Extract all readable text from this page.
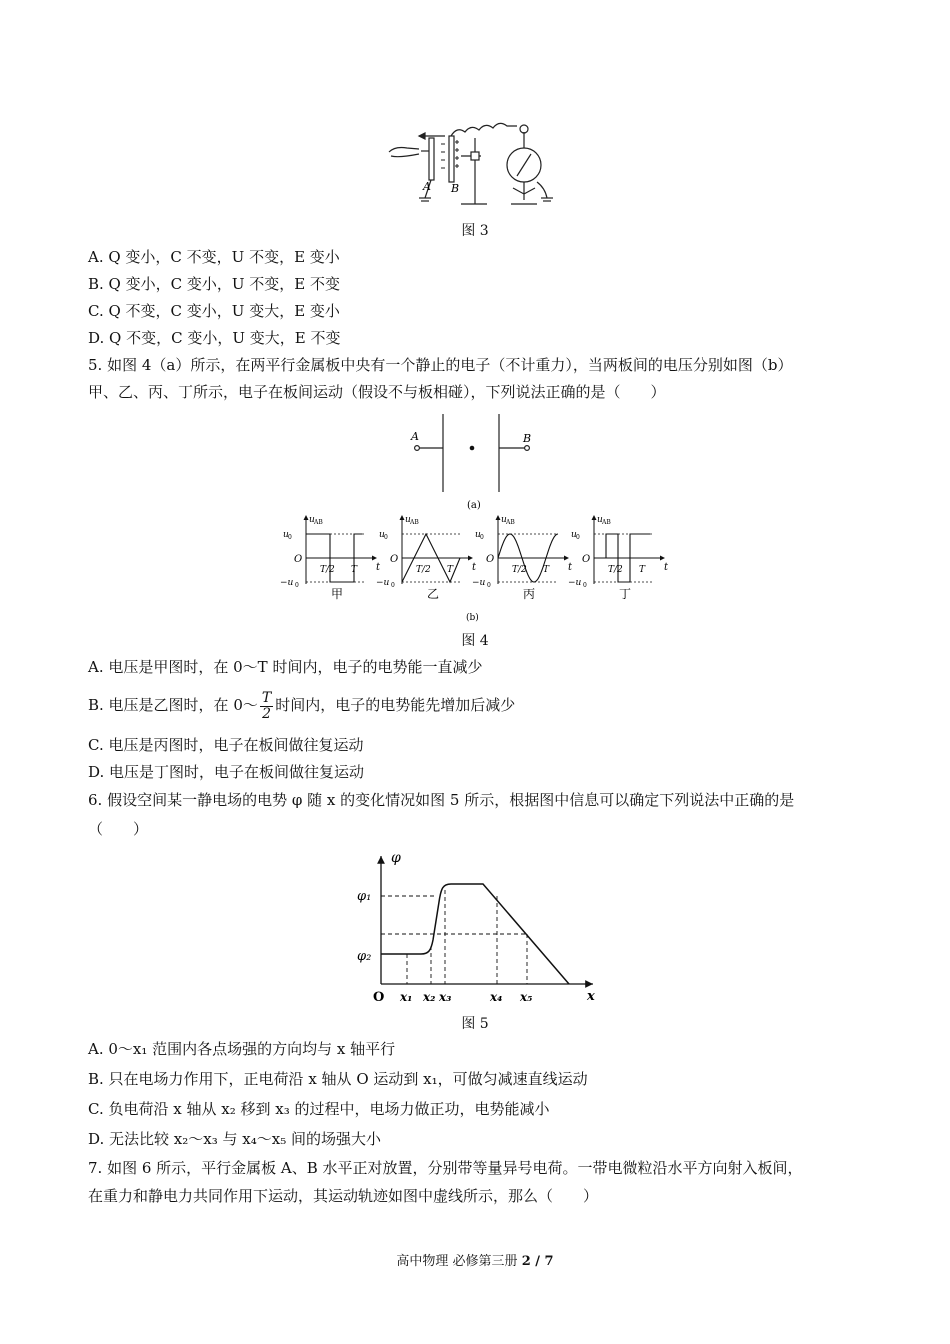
A B
图 3
A. Q 变小，C 不变，U 不变，E 变小
B. Q 变小，C 变小，U 不变，E 不变
C. Q 不变，C 变小，U 变大，E 变小
D. Q 不变，C 变小，U 变大，E 不变
5. 如图 4（a）所示，在两平行金属板中央有一个静止的电子（不计重力），当两板间的电压分别如图（b）
甲、乙、丙、丁所示，电子在板间运动（假设不与板相碰），下列说法正确的是（　　）
A	B
(a)
u AB
u 0
O
−u 0
T/2 T t
甲
u AB
u 0
O
−u 0
T/2 T t
乙
u AB
u 0
O
−u 0
T/2 T t
丙
u AB
u 0
O
−u 0
T/2 T t
丁
(b)
图 4
A. 电压是甲图时，在 0～T 时间内，电子的电势能一直减少
B. 电压是乙图时，在 0～ $\frac{T}{2}$ 时间内，电子的电势能先增加后减少
C. 电压是丙图时，电子在板间做往复运动
D. 电压是丁图时，电子在板间做往复运动
6. 假设空间某一静电场的电势 φ 随 x 的变化情况如图 5 所示，根据图中信息可以确定下列说法中正确的是
（　　）
φ
φ₁
φ₂
O x₁ x₂ x₃	x₄ x₅	x
图 5
A. 0～x₁ 范围内各点场强的方向均与 x 轴平行
B. 只在电场力作用下，正电荷沿 x 轴从 O 运动到 x₁，可做匀减速直线运动
C. 负电荷沿 x 轴从 x₂ 移到 x₃ 的过程中，电场力做正功，电势能减小
D. 无法比较 x₂～x₃ 与 x₄～x₅ 间的场强大小
7. 如图 6 所示，平行金属板 A、B 水平正对放置，分别带等量异号电荷。一带电微粒沿水平方向射入板间，
在重力和静电力共同作用下运动，其运动轨迹如图中虚线所示，那么（　　）
高中物理 必修第三册 2 / 7
